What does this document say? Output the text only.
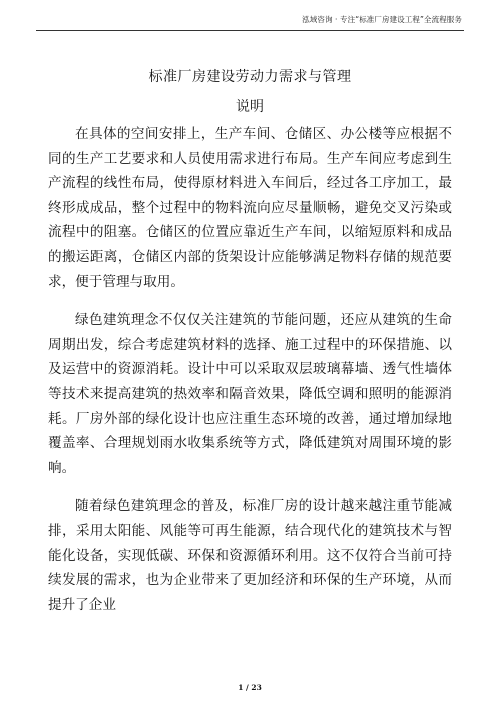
泓域咨询 · 专注“标准厂房建设工程”全流程服务
标准厂房建设劳动力需求与管理
说明

在具体的空间安排上，生产车间、仓储区、办公楼等应根据不同的生产工艺要求和人员使用需求进行布局。生产车间应考虑到生产流程的线性布局，使得原材料进入车间后，经过各工序加工，最终形成成品，整个过程中的物料流向应尽量顺畅，避免交叉污染或流程中的阻塞。仓储区的位置应靠近生产车间，以缩短原料和成品的搬运距离，仓储区内部的货架设计应能够满足物料存储的规范要求，便于管理与取用。

绿色建筑理念不仅仅关注建筑的节能问题，还应从建筑的生命周期出发，综合考虑建筑材料的选择、施工过程中的环保措施、以及运营中的资源消耗。设计中可以采取双层玻璃幕墙、透气性墙体等技术来提高建筑的热效率和隔音效果，降低空调和照明的能源消耗。厂房外部的绿化设计也应注重生态环境的改善，通过增加绿地覆盖率、合理规划雨水收集系统等方式，降低建筑对周围环境的影响。

随着绿色建筑理念的普及，标准厂房的设计越来越注重节能减排，采用太阳能、风能等可再生能源，结合现代化的建筑技术与智能化设备，实现低碳、环保和资源循环利用。这不仅符合当前可持续发展的需求，也为企业带来了更加经济和环保的生产环境，从而提升了企业

1 / 23
